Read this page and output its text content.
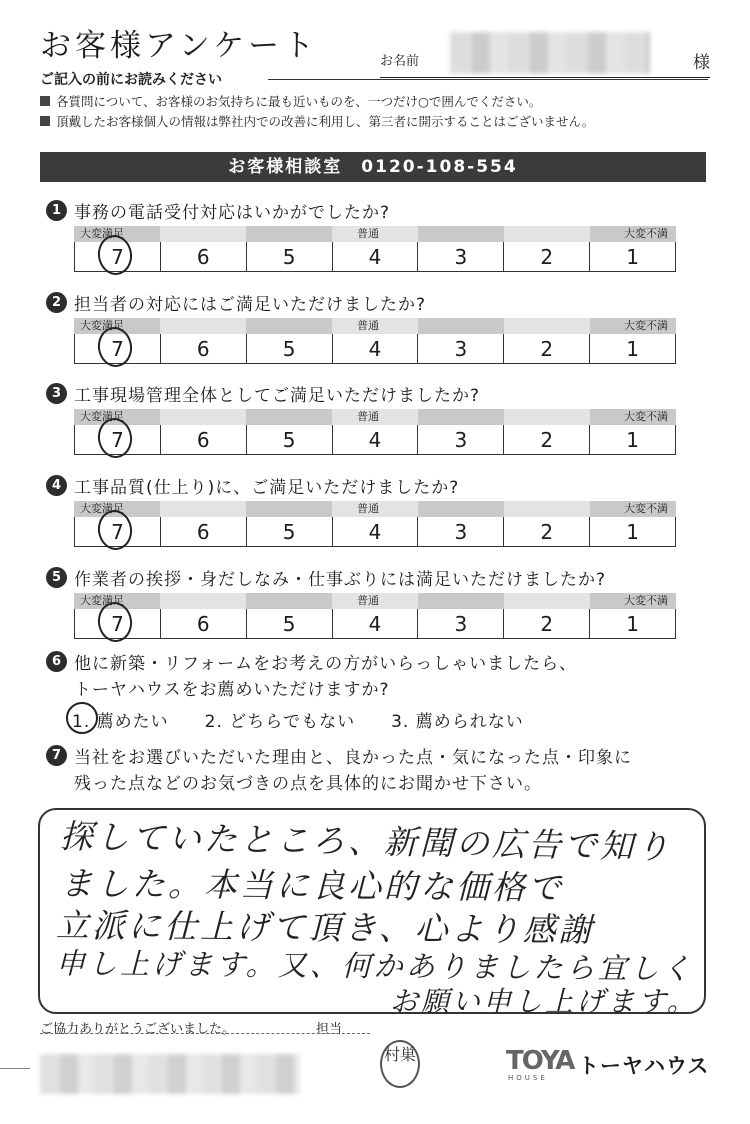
お客様アンケート	お名前	様
ご記入の前にお読みください
各質問について、お客様のお気持ちに最も近いものを、一つだけ○で囲んでください。
頂戴したお客様個人の情報は弊社内での改善に利用し、第三者に開示することはございません。
お客様相談室　0120-108-554
1 事務の電話受付対応はいかがでしたか?
大変満足	普通	大変不満
7	6	5	4	3	2	1
2 担当者の対応にはご満足いただけましたか?
大変満足	普通	大変不満
7	6	5	4	3	2	1
3 工事現場管理全体としてご満足いただけましたか?
大変満足	普通	大変不満
7	6	5	4	3	2	1
4 工事品質(仕上り)に、ご満足いただけましたか?
大変満足	普通	大変不満
7	6	5	4	3	2	1
5 作業者の挨拶・身だしなみ・仕事ぶりには満足いただけましたか?
大変満足	普通	大変不満
7	6	5	4	3	2	1
6 他に新築・リフォームをお考えの方がいらっしゃいましたら、
トーヤハウスをお薦めいただけますか?
1. 薦めたい 2. どちらでもない 3. 薦められない
7 当社をお選びいただいた理由と、良かった点・気になった点・印象に
残った点などのお気づきの点を具体的にお聞かせ下さい。
探していたところ、新聞の広告で知り
ました。本当に良心的な価格で
立派に仕上げて頂き、心より感謝
申し上げます。又、何かありましたら宜しく
お願い申し上げます。
ご協力ありがとうございました。	担当
村巣	TOYA
HOUSE トーヤハウス
